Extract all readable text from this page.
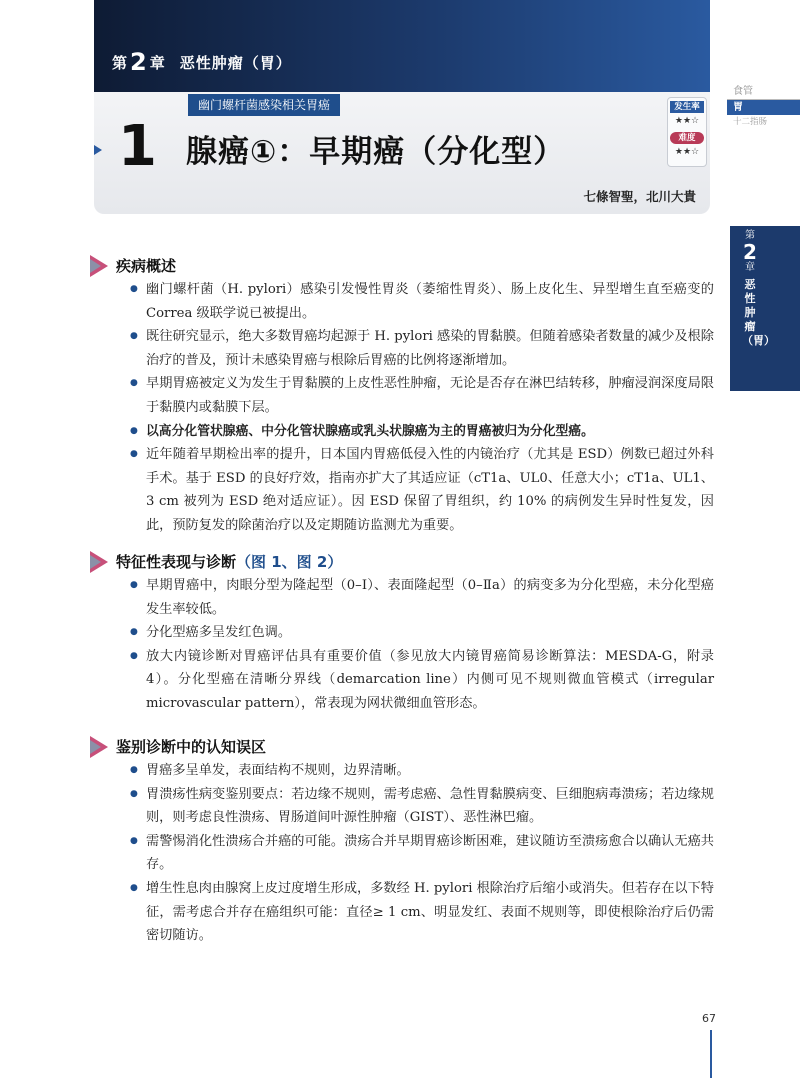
第2 章 恶性肿瘤（胃）
幽门螺杆菌感染相关胃癌
1 腺癌①：早期癌（分化型）
七條智聖，北川大貴
发生率
★★☆
难度
★★☆
食管
胃
十二指肠
第
2
章
恶性肿瘤（胃）
疾病概述
● 幽门螺杆菌（H. pylori）感染引发慢性胃炎（萎缩性胃炎）、肠上皮化生、异型增生直至癌变的Correa 级联学说已被提出。
● 既往研究显示，绝大多数胃癌均起源于 H. pylori 感染的胃黏膜。但随着感染者数量的减少及根除治疗的普及，预计未感染胃癌与根除后胃癌的比例将逐渐增加。
● 早期胃癌被定义为发生于胃黏膜的上皮性恶性肿瘤，无论是否存在淋巴结转移，肿瘤浸润深度局限于黏膜内或黏膜下层。
● 以高分化管状腺癌、中分化管状腺癌或乳头状腺癌为主的胃癌被归为分化型癌。
● 近年随着早期检出率的提升，日本国内胃癌低侵入性的内镜治疗（尤其是 ESD）例数已超过外科手术。基于 ESD 的良好疗效，指南亦扩大了其适应证（cT1a、UL0、任意大小；cT1a、UL1、3 cm 被列为 ESD 绝对适应证）。因 ESD 保留了胃组织，约 10% 的病例发生异时性复发，因此，预防复发的除菌治疗以及定期随访监测尤为重要。
特征性表现与诊断（图 1、图 2）
● 早期胃癌中，肉眼分型为隆起型（0–Ⅰ）、表面隆起型（0–Ⅱa）的病变多为分化型癌，未分化型癌发生率较低。
● 分化型癌多呈发红色调。
● 放大内镜诊断对胃癌评估具有重要价值（参见放大内镜胃癌简易诊断算法：MESDA-G，附录 4）。分化型癌在清晰分界线（demarcation line）内侧可见不规则微血管模式（irregular microvascular pattern），常表现为网状微细血管形态。
鉴别诊断中的认知误区
● 胃癌多呈单发，表面结构不规则，边界清晰。
● 胃溃疡性病变鉴别要点：若边缘不规则，需考虑癌、急性胃黏膜病变、巨细胞病毒溃疡；若边缘规则，则考虑良性溃疡、胃肠道间叶源性肿瘤（GIST）、恶性淋巴瘤。
● 需警惕消化性溃疡合并癌的可能。溃疡合并早期胃癌诊断困难，建议随访至溃疡愈合以确认无癌共存。
● 增生性息肉由腺窝上皮过度增生形成，多数经 H. pylori 根除治疗后缩小或消失。但若存在以下特征，需考虑合并存在癌组织可能：直径≥ 1 cm、明显发红、表面不规则等，即使根除治疗后仍需密切随访。
67
